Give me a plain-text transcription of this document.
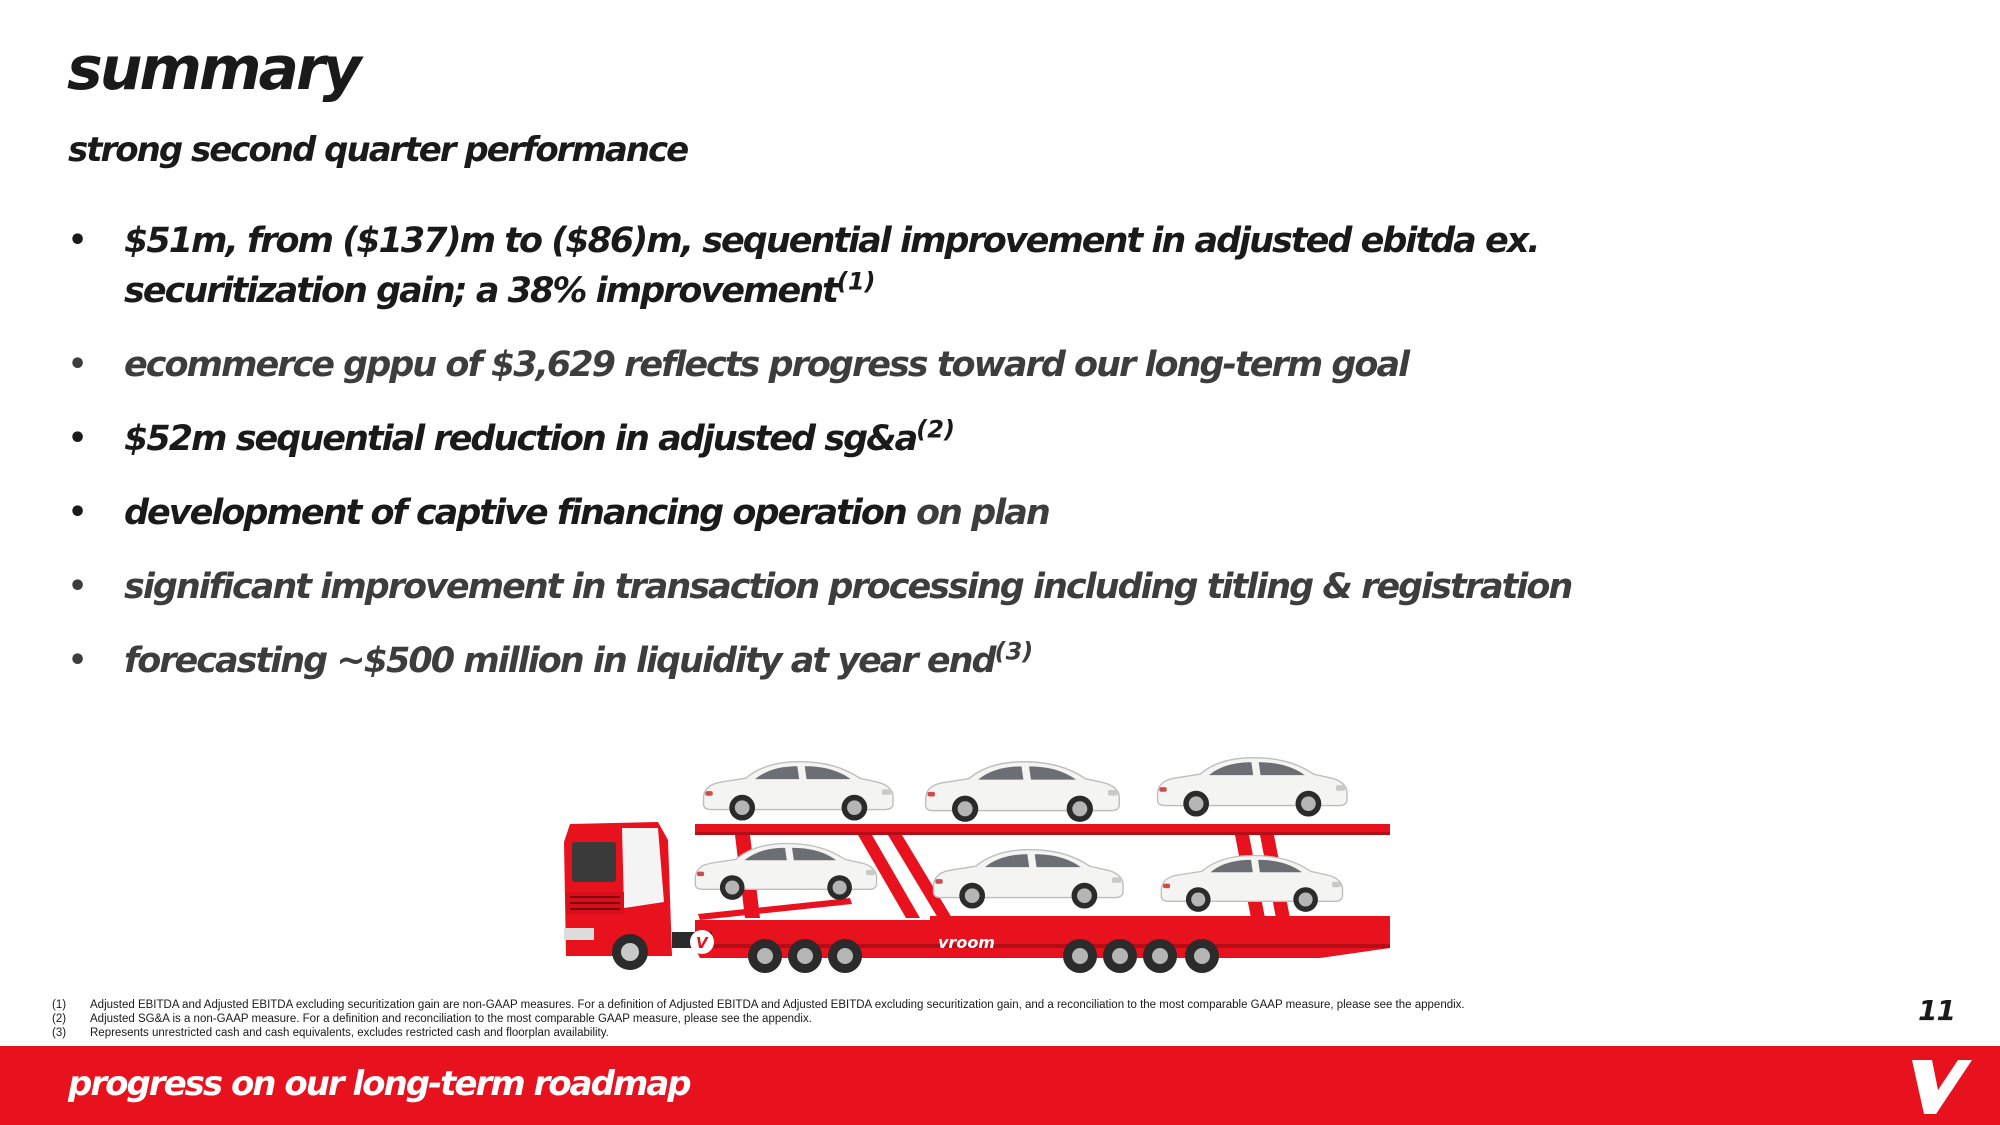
summary
strong second quarter performance
• $51m, from ($137)m to ($86)m, sequential improvement in adjusted ebitda ex. securitization gain; a 38% improvement$^{(1)}$
• ecommerce gppu of $3,629 reflects progress toward our long-term goal
• $52m sequential reduction in adjusted $sg\&a^{(2)}$
• development of captive financing operation on plan
• significant improvement in transaction processing including titling & registration
• forecasting ~$500 million in liquidity at year end$^{(3)}$
vroom
V
(1)	Adjusted EBITDA and Adjusted EBITDA excluding securitization gain are non-GAAP measures. For a definition of Adjusted EBITDA and Adjusted EBITDA excluding securitization gain, and a reconciliation to the most comparable GAAP measure, please see the appendix.
(2)	Adjusted SG&A is a non-GAAP measure. For a definition and reconciliation to the most comparable GAAP measure, please see the appendix.
(3)	Represents unrestricted cash and cash equivalents, excludes restricted cash and floorplan availability.
11
progress on our long-term roadmap
